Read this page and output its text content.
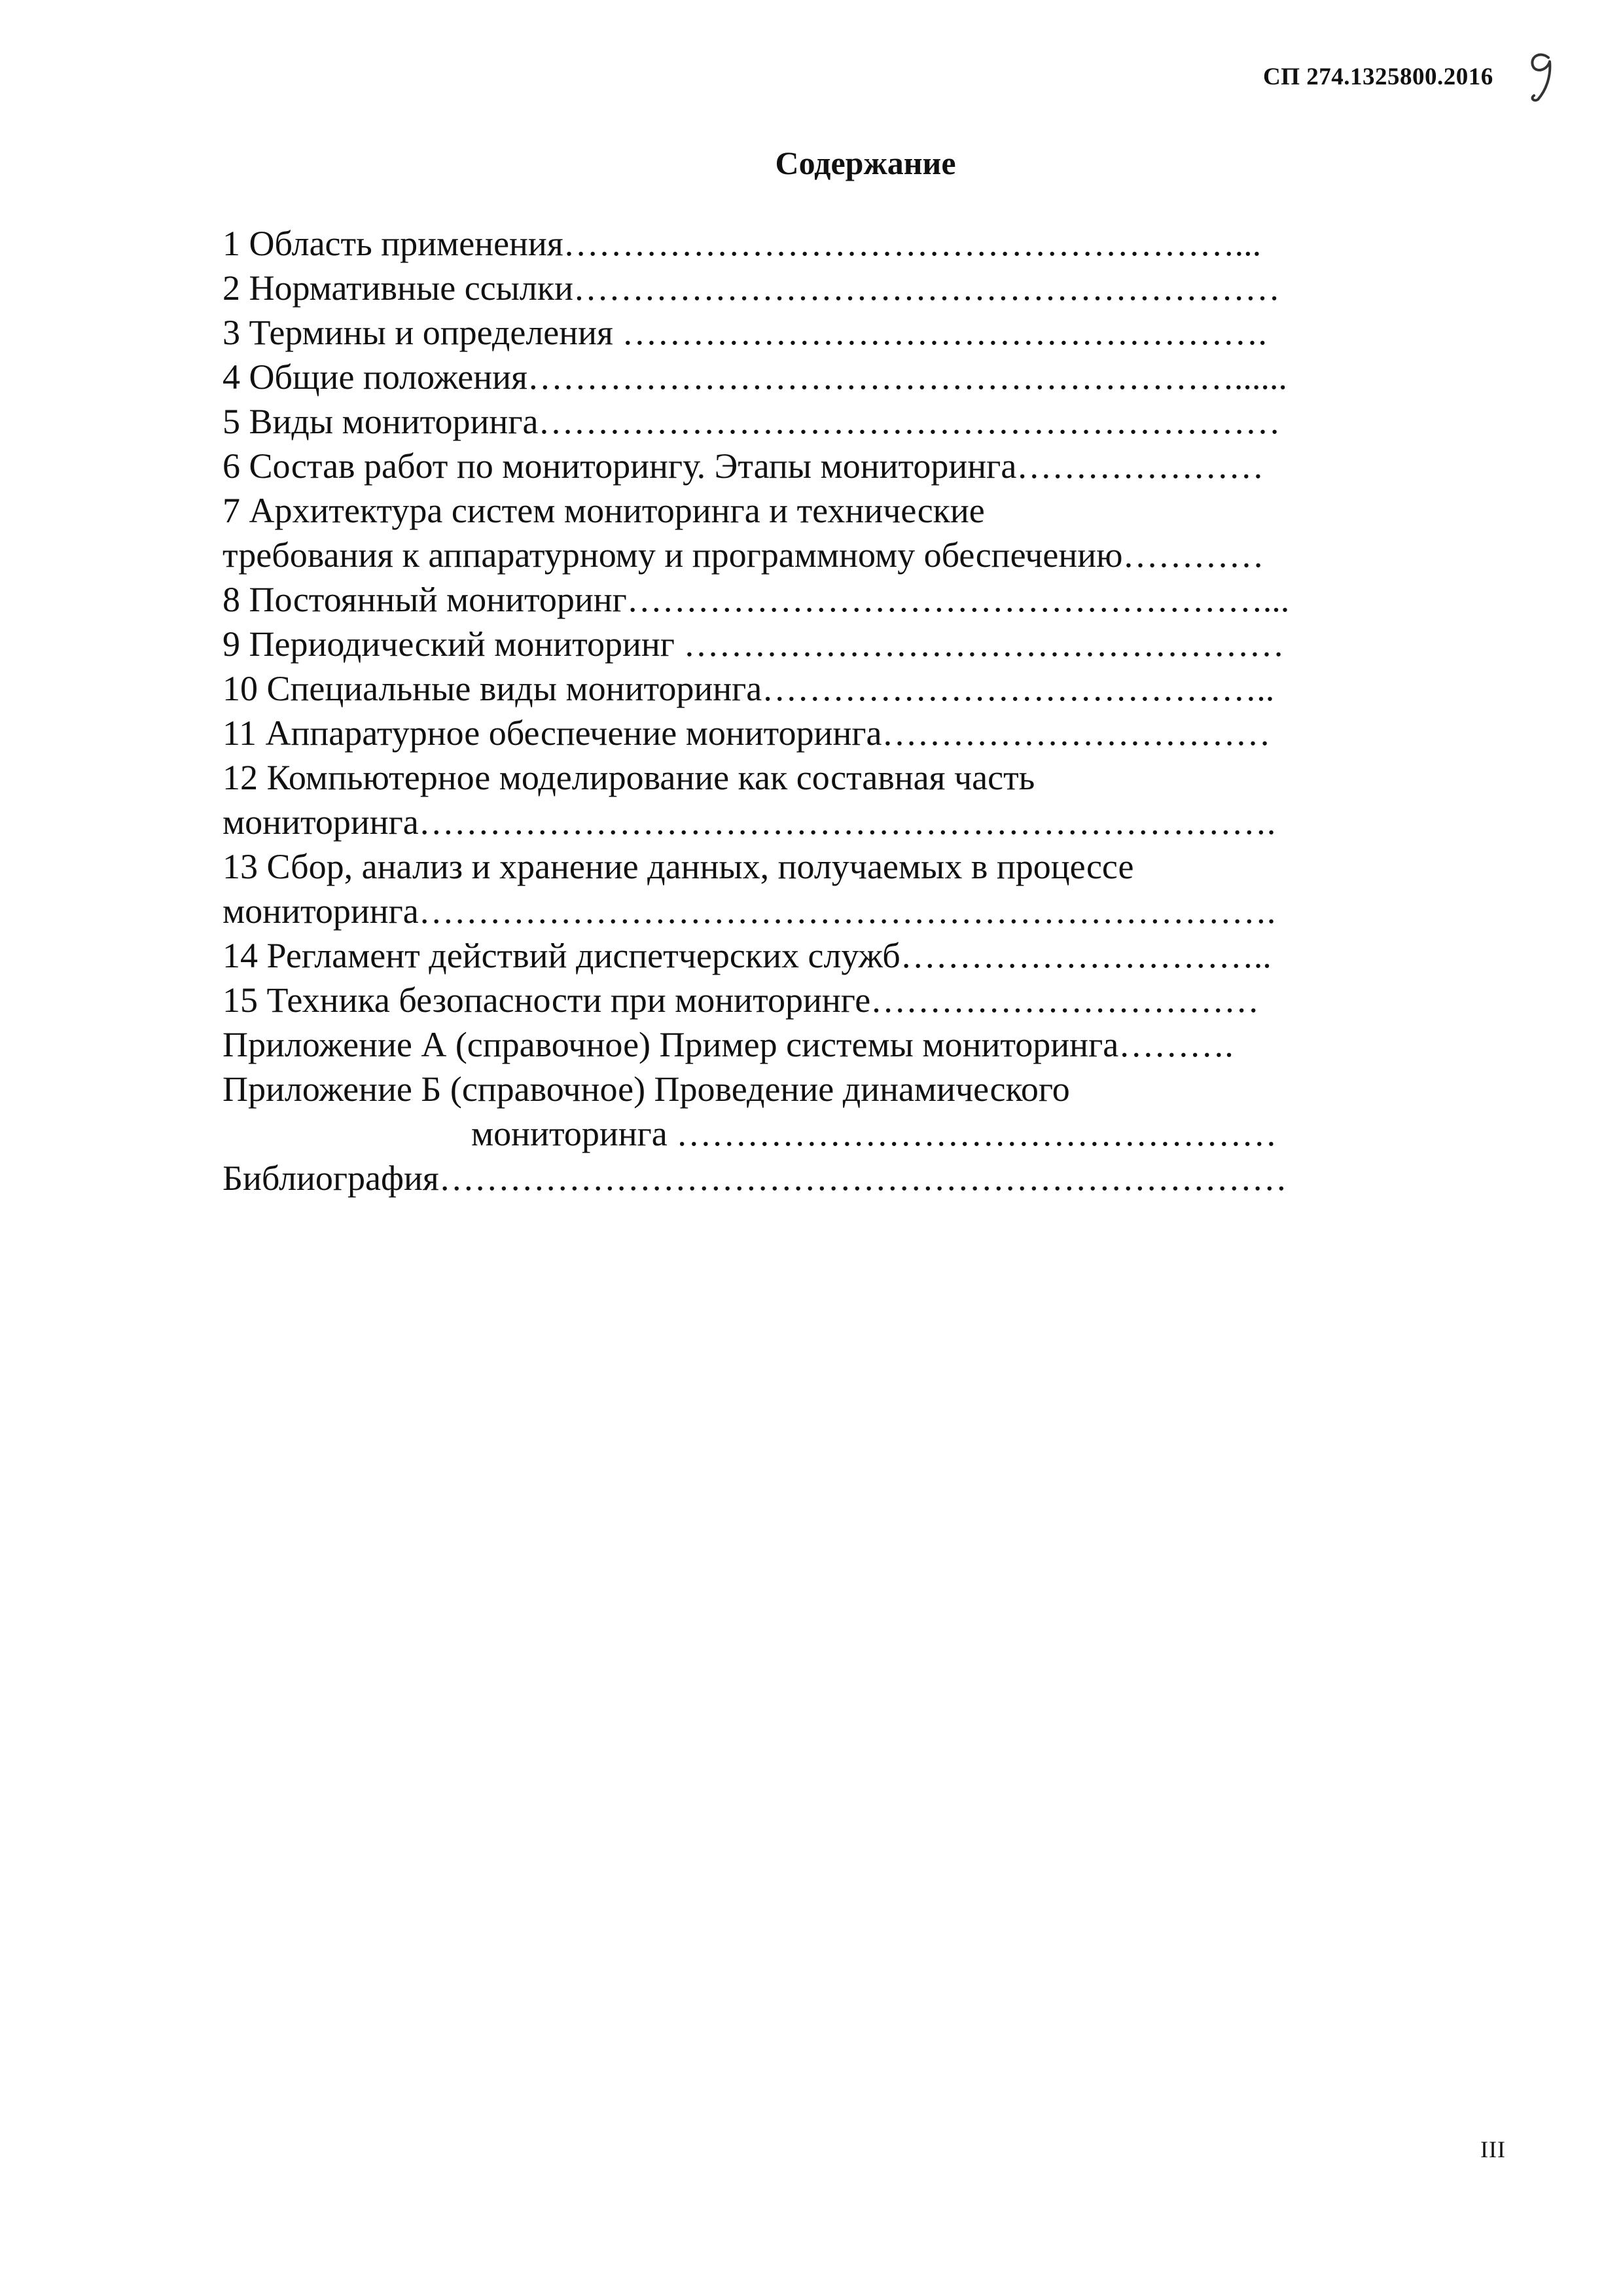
СП 274.1325800.2016
Содержание
1 Область применения…………………………………………………...
2 Нормативные ссылки……………………………………………………
3 Термины и определения ……………………………………………….
4 Общие положения……………………………………………………......
5 Виды мониторинга………………………………………………………
6 Состав работ по мониторингу. Этапы мониторинга…………………
7 Архитектура систем мониторинга и технические
требования к аппаратурному и программному обеспечению…………
8 Постоянный мониторинг………………………………………………...
9 Периодический мониторинг ……………………………………………
10 Специальные виды мониторинга……………………………………..
11 Аппаратурное обеспечение мониторинга……………………………
12 Компьютерное моделирование как составная часть
мониторинга……………………………………………………………….
13 Сбор, анализ и хранение данных, получаемых в процессе
мониторинга……………………………………………………………….
14 Регламент действий диспетчерских служб…………………………..
15 Техника безопасности при мониторинге……………………………
Приложение А (справочное) Пример системы мониторинга……….
Приложение Б (справочное) Проведение динамического
мониторинга ……………………………………………
Библиография………………………………………………………………
III
